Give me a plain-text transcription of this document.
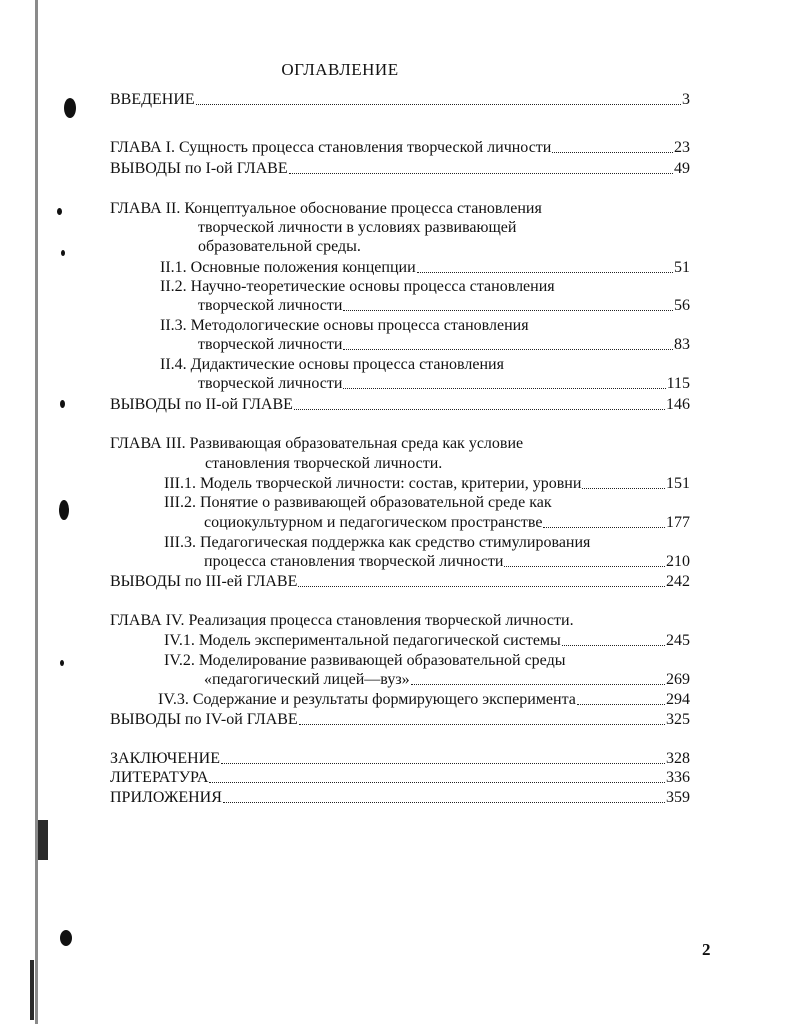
ОГЛАВЛЕНИЕ
ВВЕДЕНИЕ	3
ГЛАВА I. Сущность процесса становления творческой личности	23
ВЫВОДЫ по I-ой ГЛАВЕ	49
ГЛАВА II. Концептуальное обоснование процесса становления
творческой личности в условиях развивающей
образовательной среды.
II.1. Основные положения концепции	51
II.2. Научно-теоретические основы процесса становления
творческой личности	56
II.3. Методологические основы процесса становления
творческой личности	83
II.4. Дидактические основы процесса становления
творческой личности	115
ВЫВОДЫ по II-ой ГЛАВЕ	146
ГЛАВА III. Развивающая образовательная среда как условие
становления творческой личности.
III.1. Модель творческой личности: состав, критерии, уровни	151
III.2. Понятие о развивающей образовательной среде как
социокультурном и педагогическом пространстве	177
III.3. Педагогическая поддержка как средство стимулирования
процесса становления творческой личности	210
ВЫВОДЫ по III-ей ГЛАВЕ	242
ГЛАВА IV. Реализация процесса становления творческой личности.
IV.1. Модель экспериментальной педагогической системы	245
IV.2. Моделирование развивающей образовательной среды
«педагогический лицей—вуз»	269
IV.3. Содержание и результаты формирующего эксперимента	294
ВЫВОДЫ по IV-ой ГЛАВЕ	325
ЗАКЛЮЧЕНИЕ	328
ЛИТЕРАТУРА	336
ПРИЛОЖЕНИЯ	359
2
